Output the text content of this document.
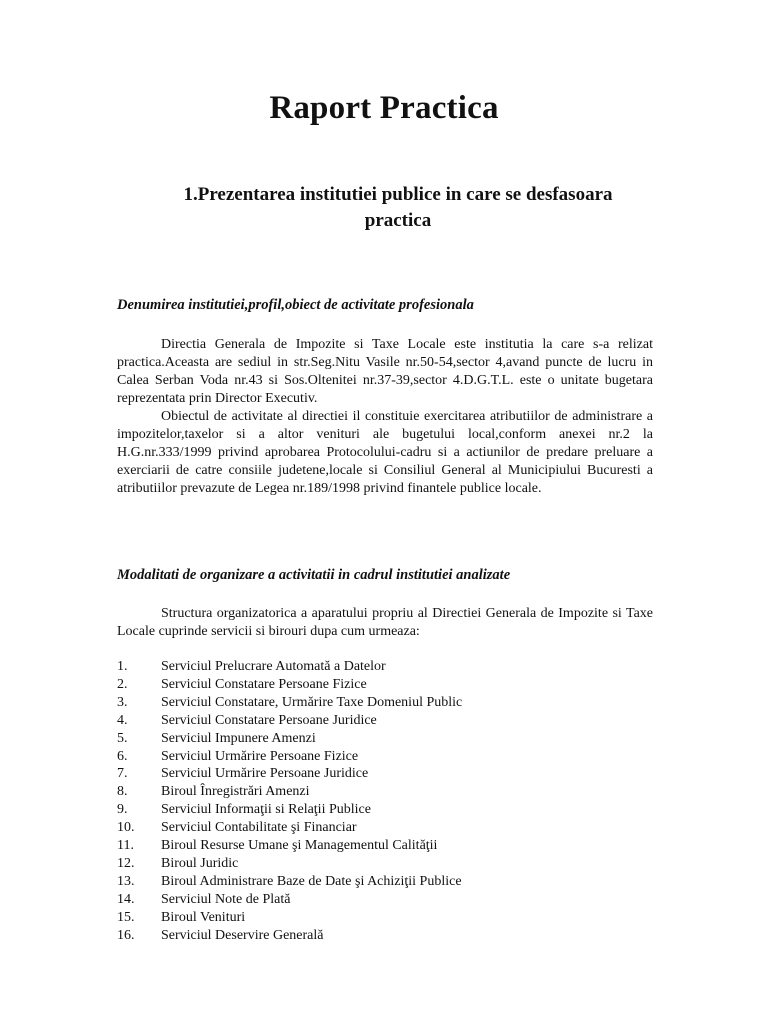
Raport Practica
1.Prezentarea institutiei publice in care se desfasoara practica
Denumirea institutiei,profil,obiect de activitate profesionala

Directia Generala de Impozite si Taxe Locale este institutia la care s-a relizat practica.Aceasta are sediul in str.Seg.Nitu Vasile nr.50-54,sector 4,avand puncte de lucru in Calea Serban Voda nr.43 si Sos.Oltenitei nr.37-39,sector 4.D.G.T.L. este o unitate bugetara reprezentata prin Director Executiv.

Obiectul de activitate al directiei il constituie exercitarea atributiilor de administrare a impozitelor,taxelor si a altor venituri ale bugetului local,conform anexei nr.2 la H.G.nr.333/1999 privind aprobarea Protocolului-cadru si a actiunilor de predare preluare a exerciarii de catre consiile judetene,locale si Consiliul General al Municipiului Bucuresti a atributiilor prevazute de Legea nr.189/1998 privind finantele publice locale.

Modalitati de organizare a activitatii in cadrul institutiei analizate

Structura organizatorica a aparatului propriu al Directiei Generala de Impozite si Taxe Locale cuprinde servicii si birouri dupa cum urmeaza:

1.	Serviciul Prelucrare Automată a Datelor
2.	Serviciul Constatare Persoane Fizice
3.	Serviciul Constatare, Urmărire Taxe Domeniul Public
4.	Serviciul Constatare Persoane Juridice
5.	Serviciul Impunere Amenzi
6.	Serviciul Urmărire Persoane Fizice
7.	Serviciul Urmărire Persoane Juridice
8.	Biroul Înregistrări Amenzi
9.	Serviciul Informaţii si Relaţii Publice
10.	Serviciul Contabilitate şi Financiar
11.	Biroul Resurse Umane şi Managementul Calităţii
12.	Biroul Juridic
13.	Biroul Administrare Baze de Date şi Achiziţii Publice
14.	Serviciul Note de Plată
15.	Biroul Venituri
16.	Serviciul Deservire Generală
